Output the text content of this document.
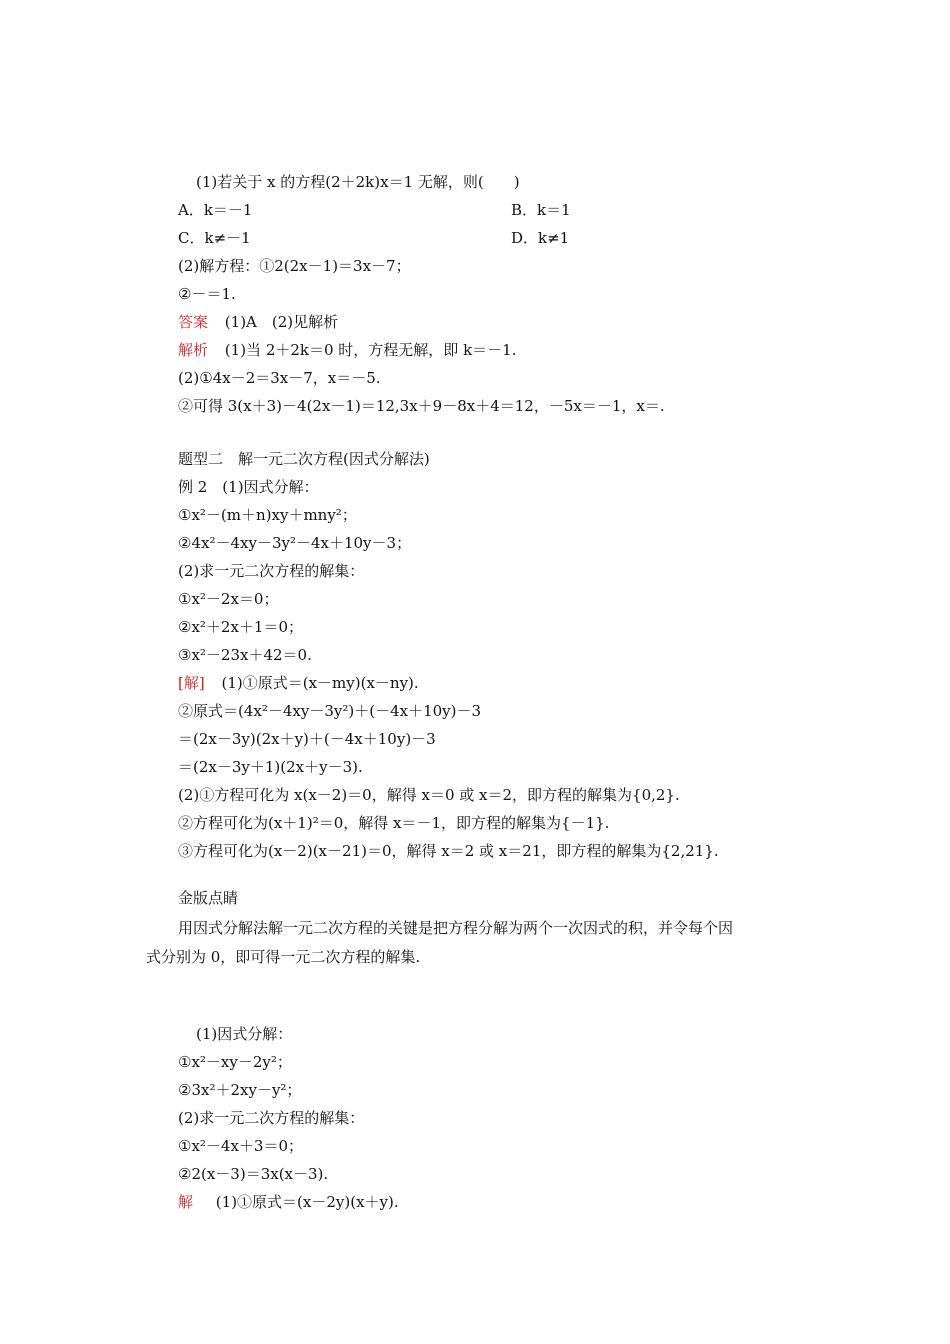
(1)若关于 x 的方程(2＋2k)x＝1 无解，则(　　)
A．k＝－1	B．k＝1
C．k≠－1	D．k≠1
(2)解方程：①2(2x－1)＝3x－7；
②－＝1.
答案 (1)A　(2)见解析
解析 (1)当 2＋2k＝0 时，方程无解，即 k＝－1.
(2)①4x－2＝3x－7，x＝－5.
②可得 3(x＋3)－4(2x－1)＝12,3x＋9－8x＋4＝12，－5x＝－1，x＝.
题型二　解一元二次方程(因式分解法)
例 2　(1)因式分解：
①x²－(m＋n)xy＋mny²；
②4x²－4xy－3y²－4x＋10y－3；
(2)求一元二次方程的解集：
①x²－2x＝0；
②x²＋2x＋1＝0；
③x²－23x＋42＝0.
[解] (1)①原式＝(x－my)(x－ny).
②原式＝(4x²－4xy－3y²)＋(－4x＋10y)－3
＝(2x－3y)(2x＋y)＋(－4x＋10y)－3
＝(2x－3y＋1)(2x＋y－3).
(2)①方程可化为 x(x－2)＝0，解得 x＝0 或 x＝2，即方程的解集为{0,2}.
②方程可化为(x＋1)²＝0，解得 x＝－1，即方程的解集为{－1}.
③方程可化为(x－2)(x－21)＝0，解得 x＝2 或 x＝21，即方程的解集为{2,21}.
金版点睛
用因式分解法解一元二次方程的关键是把方程分解为两个一次因式的积，并令每个因
式分别为 0，即可得一元二次方程的解集.
(1)因式分解：
①x²－xy－2y²；
②3x²＋2xy－y²；
(2)求一元二次方程的解集：
①x²－4x＋3＝0；
②2(x－3)＝3x(x－3).
解 (1)①原式＝(x－2y)(x＋y).
